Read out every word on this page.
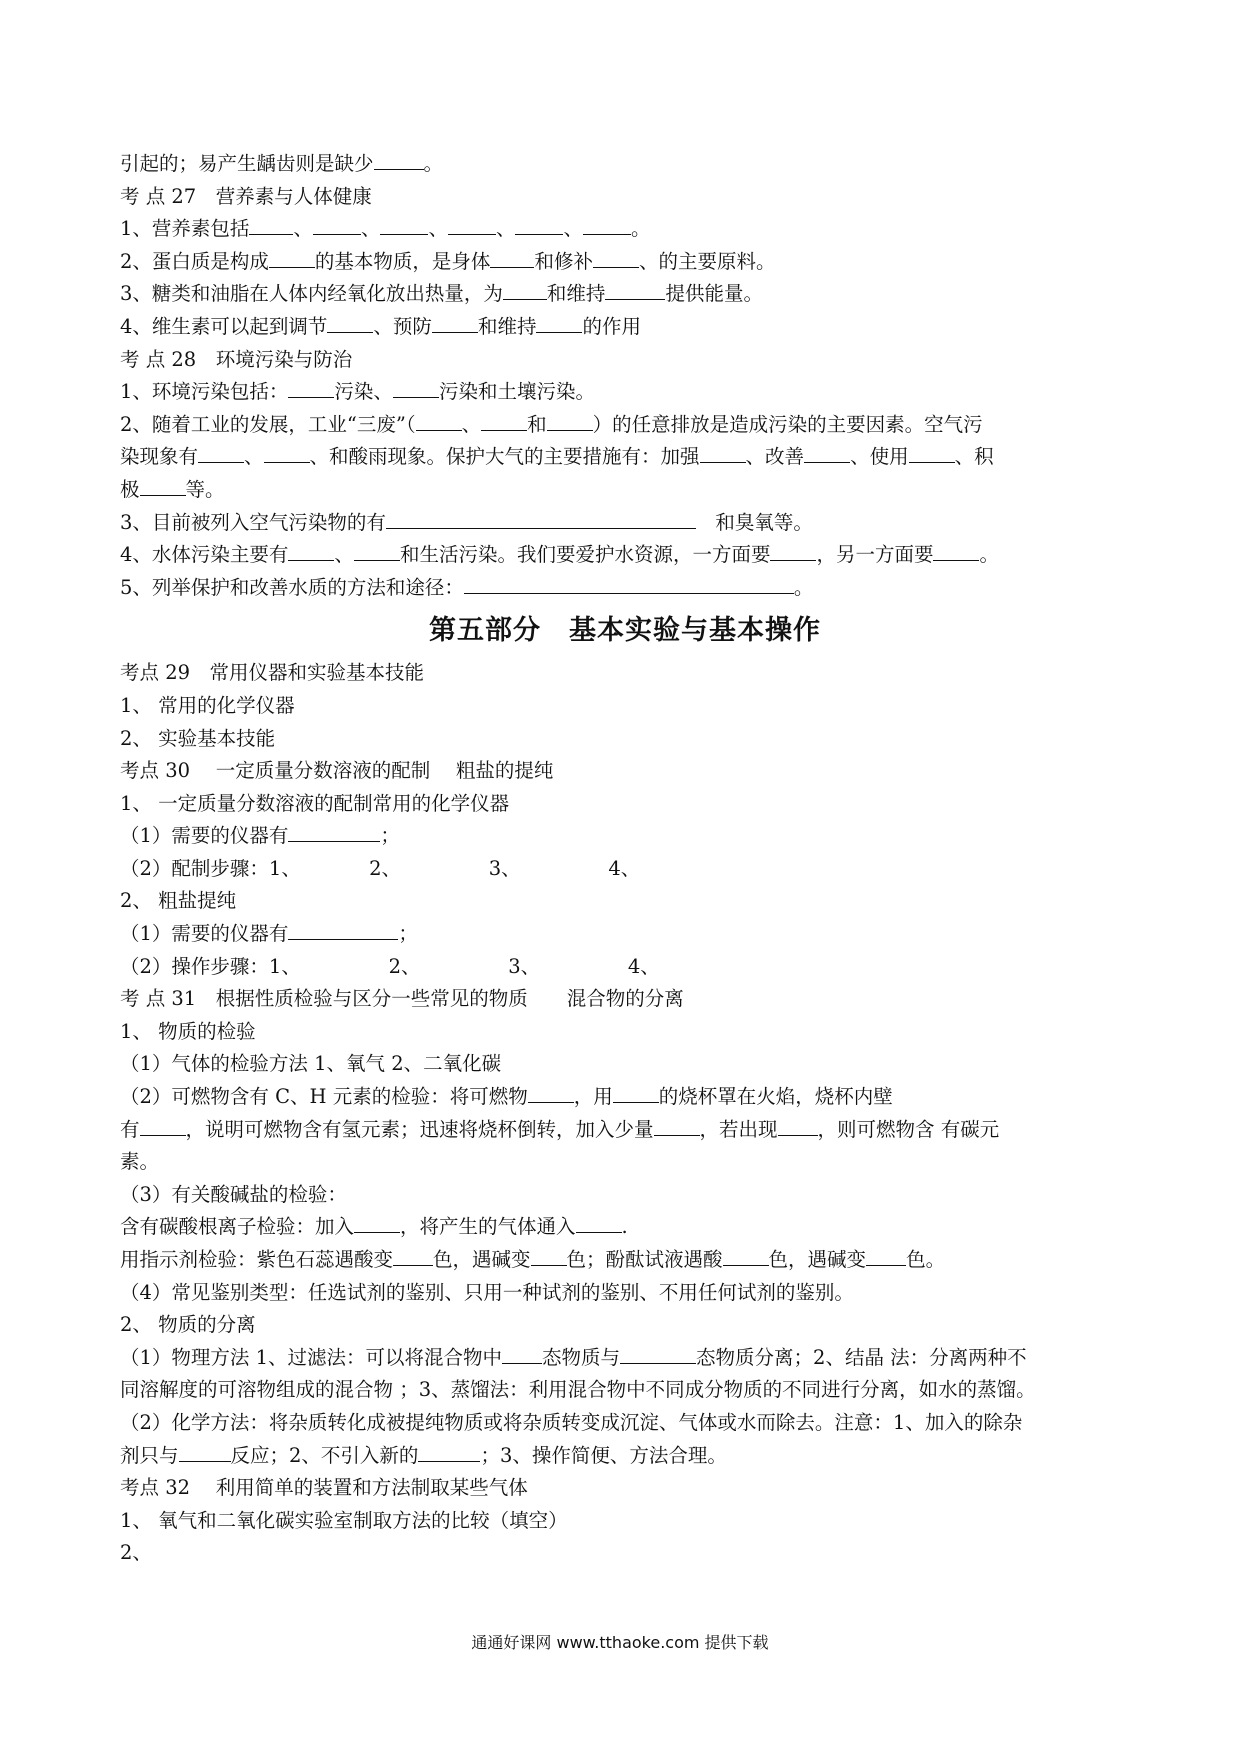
引起的；易产生龋齿则是缺少	。
考 点 27　营养素与人体健康
1、营养素包括 、 、 、 、 、 。
2、蛋白质是构成 的基本物质，是身体 和修补 、的主要原料。
3、糖类和油脂在人体内经氧化放出热量，为 和维持	提供能量。
4、维生素可以起到调节 、预防 和维持 的作用
考 点 28　环境污染与防治
1、环境污染包括： 污染、 污染和土壤污染。
2、随着工业的发展，工业“三废”（ 、 和 ）的任意排放是造成污染的主要因素。空气污
染现象有 、 、和酸雨现象。保护大气的主要措施有：加强 、改善 、使用 、积
极 等。
3、目前被列入空气污染物的有	　和臭氧等。
4、水体污染主要有 、 和生活污染。我们要爱护水资源，一方面要 ，另一方面要 。
5、列举保护和改善水质的方法和途径：	。
第五部分　基本实验与基本操作
考点 29　常用仪器和实验基本技能
1、 常用的化学仪器
2、 实验基本技能
考点 30　 一定质量分数溶液的配制　 粗盐的提纯
1、 一定质量分数溶液的配制常用的化学仪器
（1）需要的仪器有	；
（2）配制步骤：1、　　　　2、　　　　　3、　　　　　4、
2、 粗盐提纯
（1）需要的仪器有	；
（2）操作步骤：1、　　　　　2、　　　　　3、　　　　　4、
考 点 31　根据性质检验与区分一些常见的物质　　混合物的分离
1、 物质的检验
（1）气体的检验方法 1、氧气 2、二氧化碳
（2）可燃物含有 C、H 元素的检验：将可燃物 ，用 的烧杯罩在火焰，烧杯内壁
有 ，说明可燃物含有氢元素；迅速将烧杯倒转，加入少量 ，若出现 ，则可燃物含 有碳元
素。
（3）有关酸碱盐的检验：
含有碳酸根离子检验：加入 ，将产生的气体通入 .
用指示剂检验：紫色石蕊遇酸变 色，遇碱变 色；酚酞试液遇酸 色，遇碱变 色。
（4）常见鉴别类型：任选试剂的鉴别、只用一种试剂的鉴别、不用任何试剂的鉴别。
2、 物质的分离
（1）物理方法 1、过滤法：可以将混合物中 态物质与	态物质分离；2、结晶 法：分离两种不
同溶解度的可溶物组成的混合物 ；3、蒸馏法：利用混合物中不同成分物质的不同进行分离，如水的蒸馏。
（2）化学方法：将杂质转化成被提纯物质或将杂质转变成沉淀、气体或水而除去。注意：1、加入的除杂
剂只与	反应；2、不引入新的	；3、操作简便、方法合理。
考点 32　 利用简单的装置和方法制取某些气体
1、 氧气和二氧化碳实验室制取方法的比较（填空）
2、
通通好课网 www.tthaoke.com 提供下载
